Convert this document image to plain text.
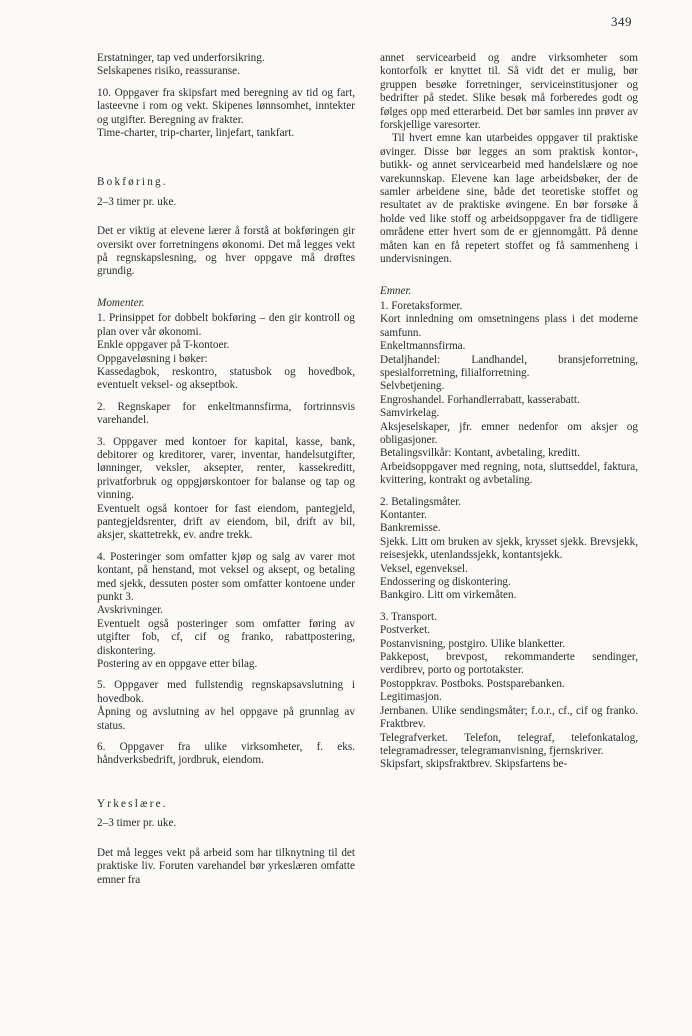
349

Erstatninger, tap ved underforsikring.
Selskapenes risiko, reassuranse.

10. Oppgaver fra skipsfart med beregning av tid og fart, lasteevne i rom og vekt. Skipenes lønnsomhet, inntekter og utgifter. Beregning av frakter.

Time-charter, trip-charter, linjefart, tankfart.

Bokføring.

2–3 timer pr. uke.

Det er viktig at elevene lærer å forstå at bokføringen gir oversikt over forretningens økonomi. Det må legges vekt på regnskapslesning, og hver oppgave må drøftes grundig.

Momenter.

1. Prinsippet for dobbelt bokføring – den gir kontroll og plan over vår økonomi.

Enkle oppgaver på T-kontoer.

Oppgaveløsning i bøker:

Kassedagbok, reskontro, statusbok og hovedbok, eventuelt veksel- og akseptbok.

2. Regnskaper for enkeltmannsfirma, fortrinnsvis varehandel.

3. Oppgaver med kontoer for kapital, kasse, bank, debitorer og kreditorer, varer, inventar, handelsutgifter, lønninger, veksler, aksepter, renter, kassekreditt, privatforbruk og oppgjørskontoer for balanse og tap og vinning.

Eventuelt også kontoer for fast eiendom, pantegjeld, pantegjeldsrenter, drift av eiendom, bil, drift av bil, aksjer, skattetrekk, ev. andre trekk.

4. Posteringer som omfatter kjøp og salg av varer mot kontant, på henstand, mot veksel og aksept, og betaling med sjekk, dessuten poster som omfatter kontoene under punkt 3.

Avskrivninger.

Eventuelt også posteringer som omfatter føring av utgifter fob, cf, cif og franko, rabattpostering, diskontering.

Postering av en oppgave etter bilag.

5. Oppgaver med fullstendig regnskapsavslutning i hovedbok.

Åpning og avslutning av hel oppgave på grunnlag av status.

6. Oppgaver fra ulike virksomheter, f. eks. håndverksbedrift, jordbruk, eiendom.

Yrkeslære.

2–3 timer pr. uke.

Det må legges vekt på arbeid som har tilknytning til det praktiske liv. Foruten varehandel bør yrkeslæren omfatte emner fra

annet servicearbeid og andre virksomheter som kontorfolk er knyttet til. Så vidt det er mulig, bør gruppen besøke forretninger, serviceinstitusjoner og bedrifter på stedet. Slike besøk må forberedes godt og følges opp med etterarbeid. Det bør samles inn prøver av forskjellige varesorter.

Til hvert emne kan utarbeides oppgaver til praktiske øvinger. Disse bør legges an som praktisk kontor-, butikk- og annet servicearbeid med handelslære og noe varekunnskap. Elevene kan lage arbeidsbøker, der de samler arbeidene sine, både det teoretiske stoffet og resultatet av de praktiske øvingene. En bør forsøke å holde ved like stoff og arbeidsoppgaver fra de tidligere områdene etter hvert som de er gjennomgått. På denne måten kan en få repetert stoffet og få sammenheng i undervisningen.

Emner.

1. Foretaksformer.

Kort innledning om omsetningens plass i det moderne samfunn.

Enkeltmannsfirma.

Detaljhandel: Landhandel, bransjeforretning, spesialforretning, filialforretning.

Selvbetjening.

Engroshandel. Forhandlerrabatt, kasserabatt.

Samvirkelag.

Aksjeselskaper, jfr. emner nedenfor om aksjer og obligasjoner.

Betalingsvilkår: Kontant, avbetaling, kreditt.

Arbeidsoppgaver med regning, nota, sluttseddel, faktura, kvittering, kontrakt og avbetaling.

2. Betalingsmåter.

Kontanter.

Bankremisse.

Sjekk. Litt om bruken av sjekk, krysset sjekk. Brevsjekk, reisesjekk, utenlandssjekk, kontantsjekk.

Veksel, egenveksel.

Endossering og diskontering.

Bankgiro. Litt om virkemåten.

3. Transport.

Postverket.

Postanvisning, postgiro. Ulike blanketter.

Pakkepost, brevpost, rekommanderte sendinger, verdibrev, porto og portotakster.

Postoppkrav. Postboks. Postsparebanken.

Legitimasjon.

Jernbanen. Ulike sendingsmåter; f.o.r., cf., cif og franko. Fraktbrev.

Telegrafverket. Telefon, telegraf, telefonkatalog, telegramadresser, telegramanvisning, fjernskriver.

Skipsfart, skipsfraktbrev. Skipsfartens be-
